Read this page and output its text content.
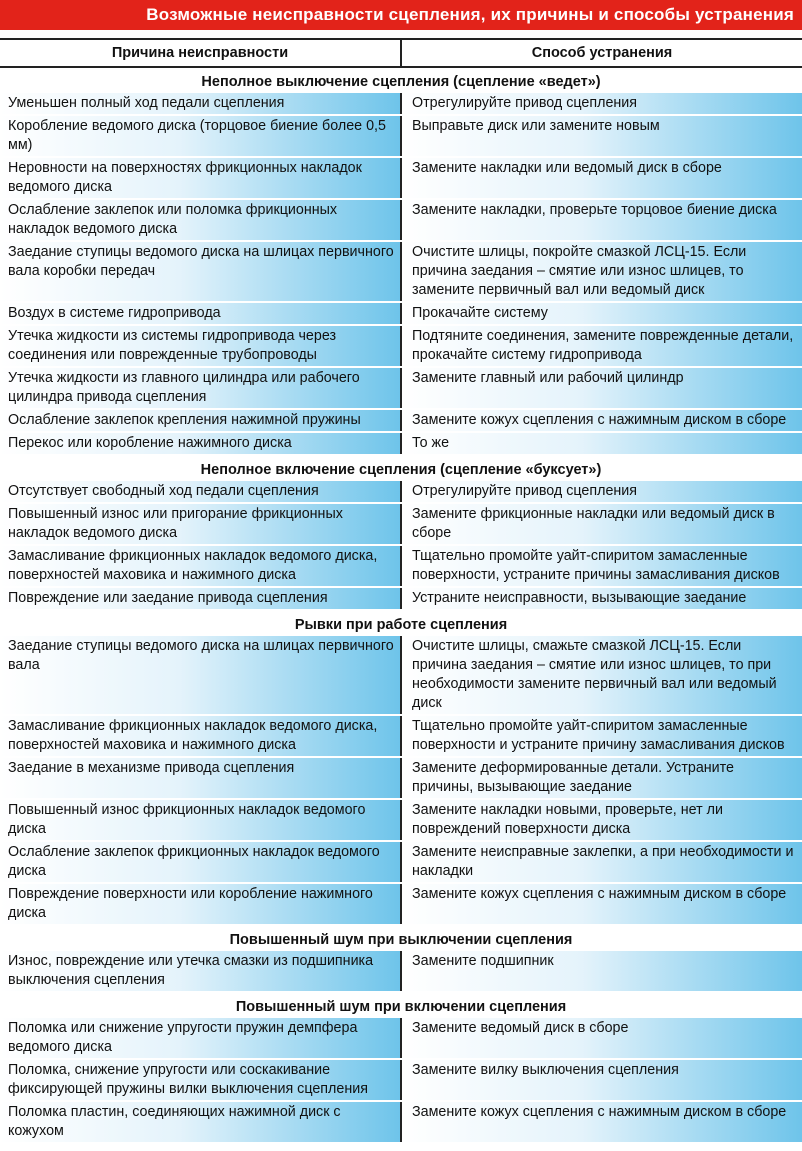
Возможные неисправности сцепления, их причины и способы устранения
Причина неисправности	Способ устранения
Неполное выключение сцепления (сцепление «ведет»)	
Уменьшен полный ход педали сцепления	Отрегулируйте привод сцепления
Коробление ведомого диска (торцовое биение более 0,5 мм)	Выправьте диск или замените новым
Неровности на поверхностях фрикционных накладок ведомого диска	Замените накладки или ведомый диск в сборе
Ослабление заклепок или поломка фрикционных накладок ведомого диска	Замените накладки, проверьте торцовое биение диска
Заедание ступицы ведомого диска на шлицах первичного вала коробки передач	Очистите шлицы, покройте смазкой ЛСЦ-15. Если причина заедания – смятие или износ шлицев, то замените первичный вал или ведомый диск
Воздух в системе гидропривода	Прокачайте систему
Утечка жидкости из системы гидропривода через соединения или поврежденные трубопроводы	Подтяните соединения, замените поврежденные детали, прокачайте систему гидропривода
Утечка жидкости из главного цилиндра или рабочего цилиндра привода сцепления	Замените главный или рабочий цилиндр
Ослабление заклепок крепления нажимной пружины	Замените кожух сцепления с нажимным диском в сборе
Перекос или коробление нажимного диска	То же
Неполное включение сцепления (сцепление «буксует»)	
Отсутствует свободный ход педали сцепления	Отрегулируйте привод сцепления
Повышенный износ или пригорание фрикционных накладок ведомого диска	Замените фрикционные накладки или ведомый диск в сборе
Замасливание фрикционных накладок ведомого диска, поверхностей маховика и нажимного диска	Тщательно промойте уайт-спиритом замасленные поверхности, устраните причины замасливания дисков
Повреждение или заедание привода сцепления	Устраните неисправности, вызывающие заедание
Рывки при работе сцепления	
Заедание ступицы ведомого диска на шлицах первичного вала	Очистите шлицы, смажьте смазкой ЛСЦ-15. Если причина заедания – смятие или износ шлицев, то при необходимости замените первичный вал или ведомый диск
Замасливание фрикционных накладок ведомого диска, поверхностей маховика и нажимного диска	Тщательно промойте уайт-спиритом замасленные поверхности и устраните причину замасливания дисков
Заедание в механизме привода сцепления	Замените деформированные детали. Устраните причины, вызывающие заедание
Повышенный износ фрикционных накладок ведомого диска	Замените накладки новыми, проверьте, нет ли повреждений поверхности диска
Ослабление заклепок фрикционных накладок ведомого диска	Замените неисправные заклепки, а при необходимости и накладки
Повреждение поверхности или коробление нажимного диска	Замените кожух сцепления с нажимным диском в сборе
Повышенный шум при выключении сцепления	
Износ, повреждение или утечка смазки из подшипника выключения сцепления	Замените подшипник
Повышенный шум при включении сцепления	
Поломка или снижение упругости пружин демпфера ведомого диска	Замените ведомый диск в сборе
Поломка, снижение упругости или соскакивание фиксирующей пружины вилки выключения сцепления	Замените вилку выключения сцепления
Поломка пластин, соединяющих нажимной диск с кожухом	Замените кожух сцепления с нажимным диском в сборе
